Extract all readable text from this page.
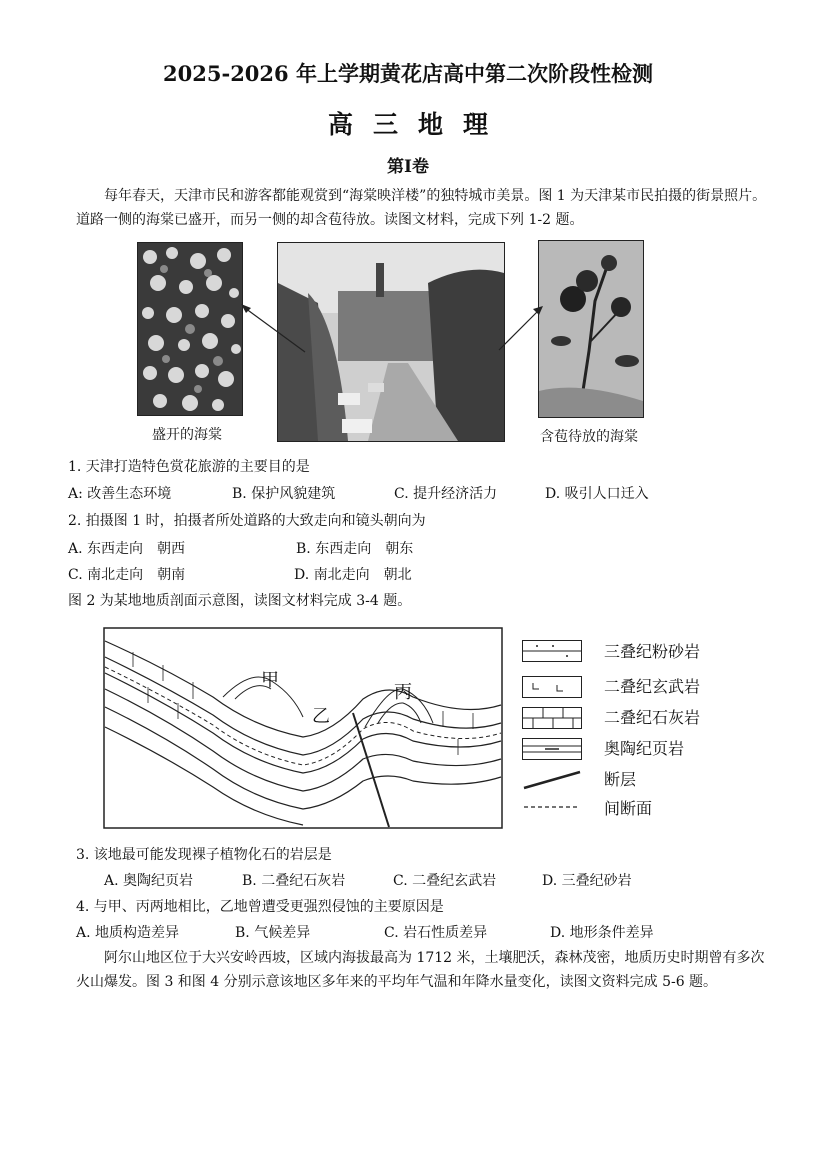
2025-2026 年上学期黄花店高中第二次阶段性检测
高三地理
第Ⅰ卷
每年春天，天津市民和游客都能观赏到“海棠映洋楼”的独特城市美景。图 1 为天津某市民拍摄的街景照片。道路一侧的海棠已盛开，而另一侧的却含苞待放。读图文材料，完成下列 1-2 题。
盛开的海棠	含苞待放的海棠
1. 天津打造特色赏花旅游的主要目的是
A: 改善生态环境	B. 保护风貌建筑	C. 提升经济活力	D. 吸引人口迁入
2. 拍摄图 1 时，拍摄者所处道路的大致走向和镜头朝向为
A. 东西走向　朝西	B. 东西走向　朝东
C. 南北走向　朝南	D. 南北走向　朝北
图 2 为某地地质剖面示意图，读图文材料完成 3-4 题。
甲
乙
丙
三叠纪粉砂岩
二叠纪玄武岩
二叠纪石灰岩
奥陶纪页岩
断层
间断面
3. 该地最可能发现裸子植物化石的岩层是
A. 奥陶纪页岩	B. 二叠纪石灰岩	C. 二叠纪玄武岩	D. 三叠纪砂岩
4. 与甲、丙两地相比，乙地曾遭受更强烈侵蚀的主要原因是
A. 地质构造差异	B. 气候差异	C. 岩石性质差异	D. 地形条件差异
阿尔山地区位于大兴安岭西坡，区域内海拔最高为 1712 米，土壤肥沃，森林茂密，地质历史时期曾有多次火山爆发。图 3 和图 4 分别示意该地区多年来的平均年气温和年降水量变化，读图文资料完成 5-6 题。
